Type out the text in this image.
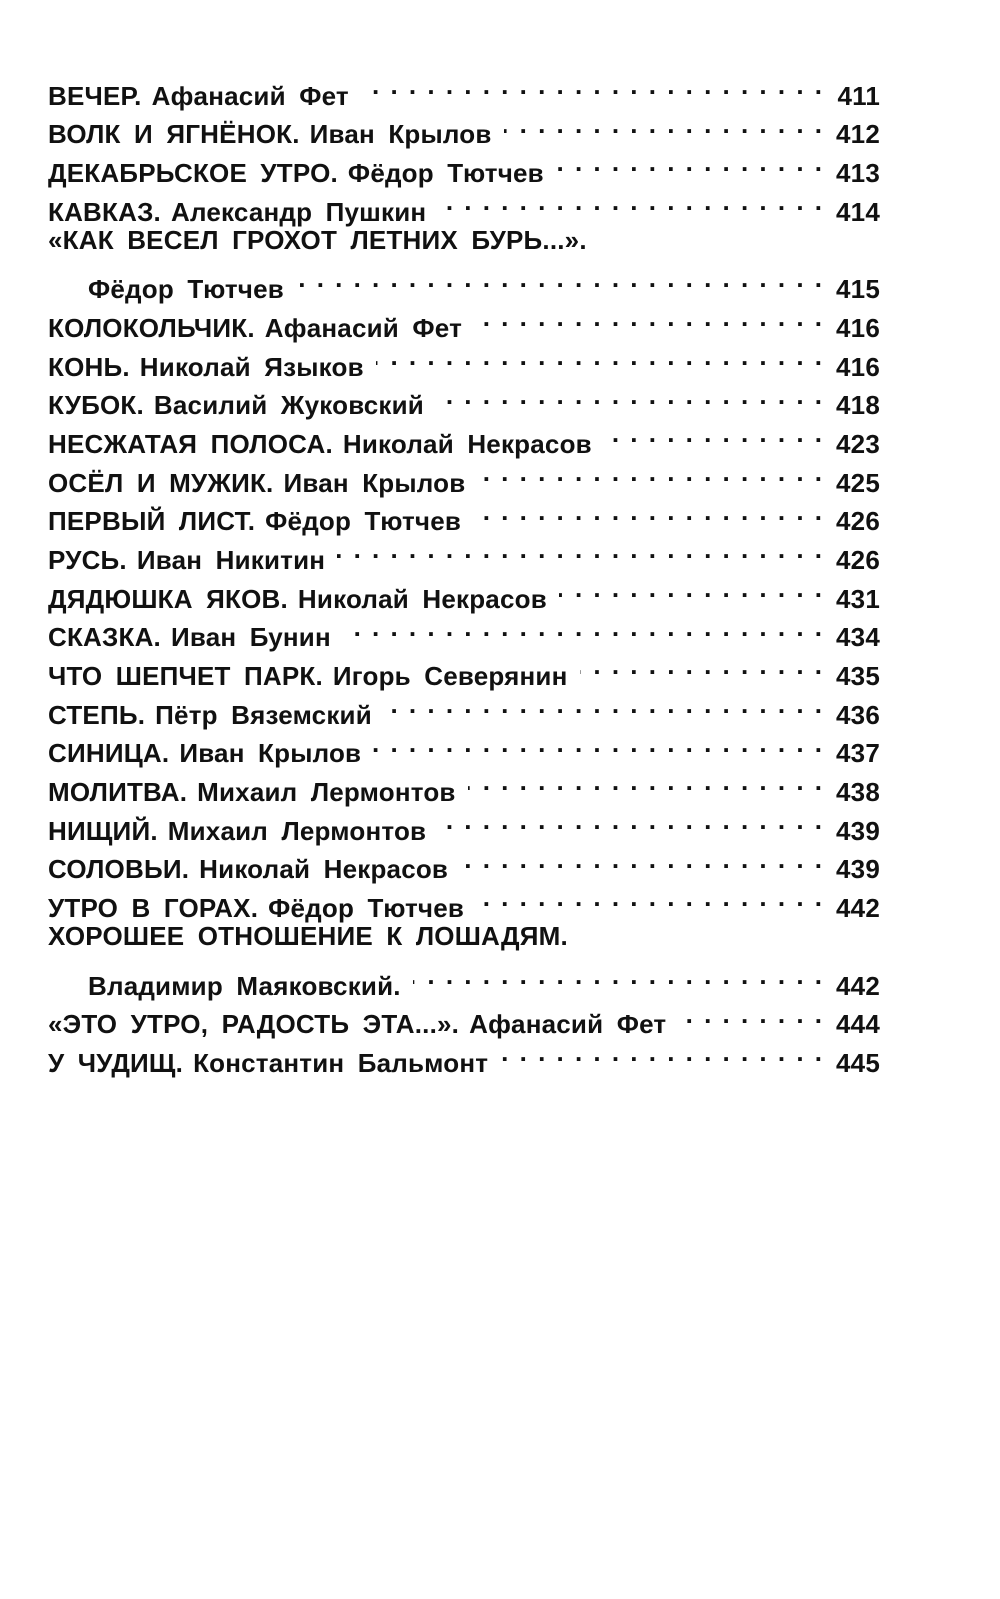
ВЕЧЕР. Афанасий Фет . . .	411
ВОЛК И ЯГНЁНОК. Иван Крылов . . .	412
ДЕКАБРЬСКОЕ УТРО. Фёдор Тютчев . . .	413
КАВКАЗ. Александр Пушкин . . .	414
«КАК ВЕСЕЛ ГРОХОТ ЛЕТНИХ БУРЬ...».
Фёдор Тютчев . . .	415
КОЛОКОЛЬЧИК. Афанасий Фет . . .	416
КОНЬ. Николай Языков . . .	416
КУБОК. Василий Жуковский . . .	418
НЕСЖАТАЯ ПОЛОСА. Николай Некрасов . . .	423
ОСЁЛ И МУЖИК. Иван Крылов . . .	425
ПЕРВЫЙ ЛИСТ. Фёдор Тютчев . . .	426
РУСЬ. Иван Никитин . . .	426
ДЯДЮШКА ЯКОВ. Николай Некрасов . . .	431
СКАЗКА. Иван Бунин . . .	434
ЧТО ШЕПЧЕТ ПАРК. Игорь Северянин . . .	435
СТЕПЬ. Пётр Вяземский . . .	436
СИНИЦА. Иван Крылов . . .	437
МОЛИТВА. Михаил Лермонтов . . .	438
НИЩИЙ. Михаил Лермонтов . . .	439
СОЛОВЬИ. Николай Некрасов . . .	439
УТРО В ГОРАХ. Фёдор Тютчев . . .	442
ХОРОШЕЕ ОТНОШЕНИЕ К ЛОШАДЯМ.
Владимир Маяковский. . . .	442
«ЭТО УТРО, РАДОСТЬ ЭТА...». Афанасий Фет . . .	444
У ЧУДИЩ. Константин Бальмонт . . .	445
